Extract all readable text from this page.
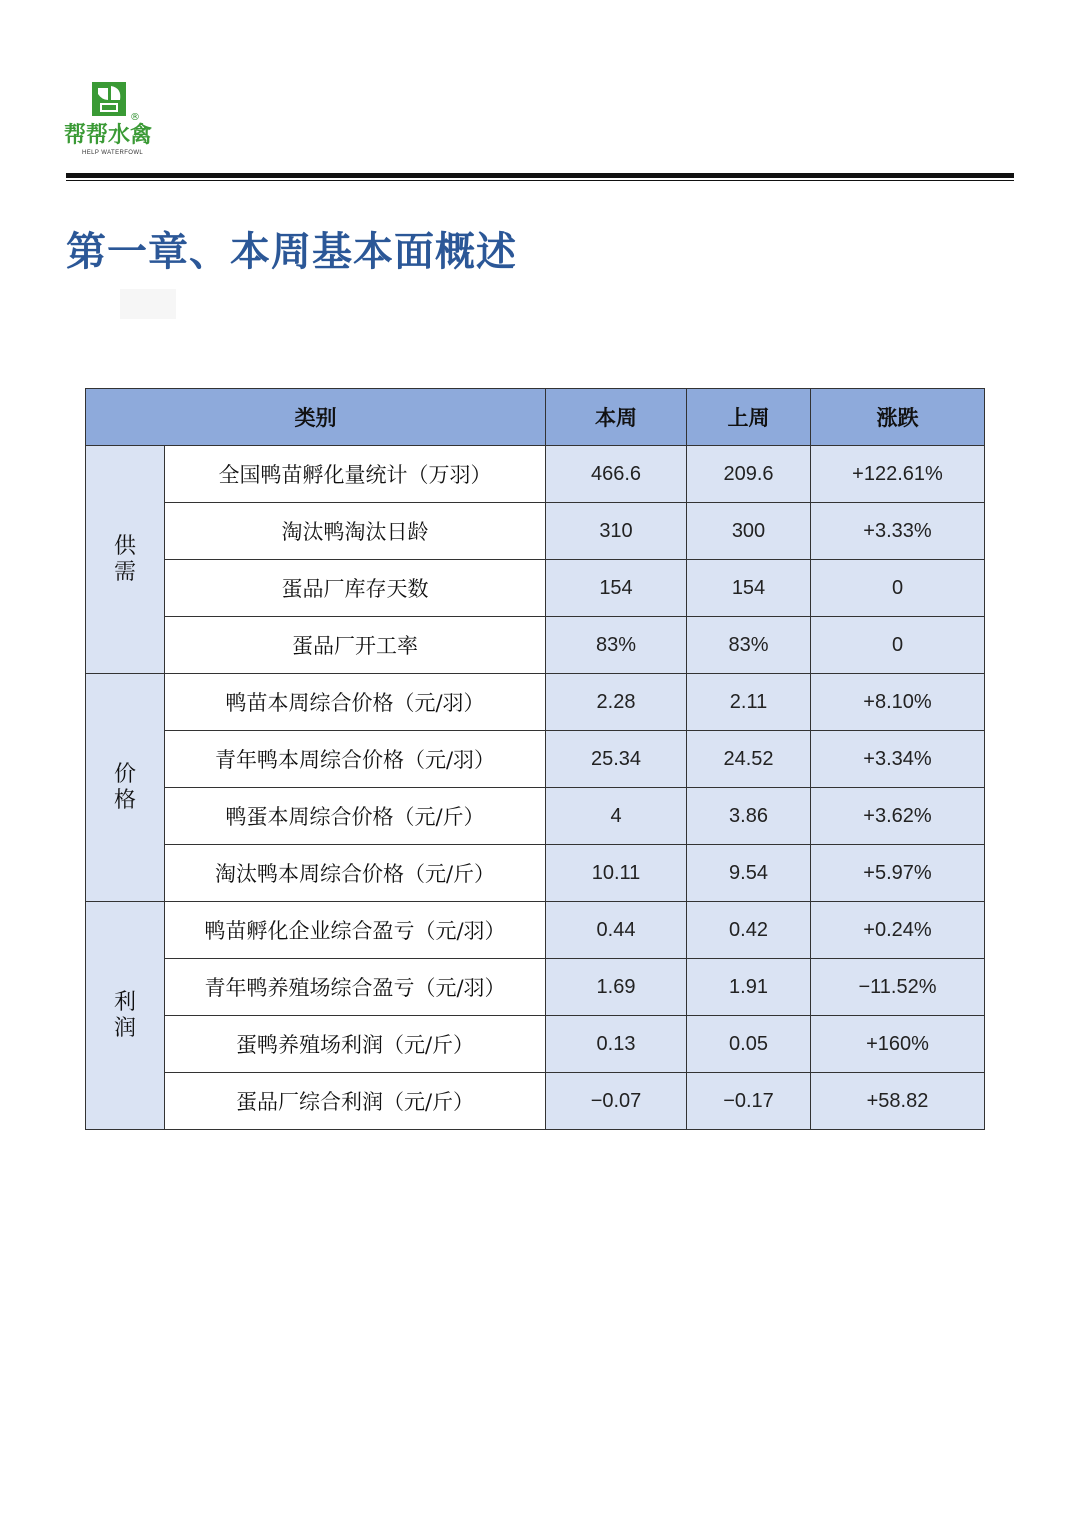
®
帮帮水禽
HELP WATERFOWL
第一章、本周基本面概述
类别		本周	上周	涨跌
供需	全国鸭苗孵化量统计（万羽）	466.6	209.6	+122.61%
	淘汰鸭淘汰日龄	310	300	+3.33%
	蛋品厂库存天数	154	154	0
	蛋品厂开工率	83%	83%	0
价格	鸭苗本周综合价格（元/羽）	2.28	2.11	+8.10%
	青年鸭本周综合价格（元/羽）	25.34	24.52	+3.34%
	鸭蛋本周综合价格（元/斤）	4	3.86	+3.62%
	淘汰鸭本周综合价格（元/斤）	10.11	9.54	+5.97%
利润	鸭苗孵化企业综合盈亏（元/羽）	0.44	0.42	+0.24%
	青年鸭养殖场综合盈亏（元/羽）	1.69	1.91	−11.52%
	蛋鸭养殖场利润（元/斤）	0.13	0.05	+160%
	蛋品厂综合利润（元/斤）	−0.07	−0.17	+58.82
